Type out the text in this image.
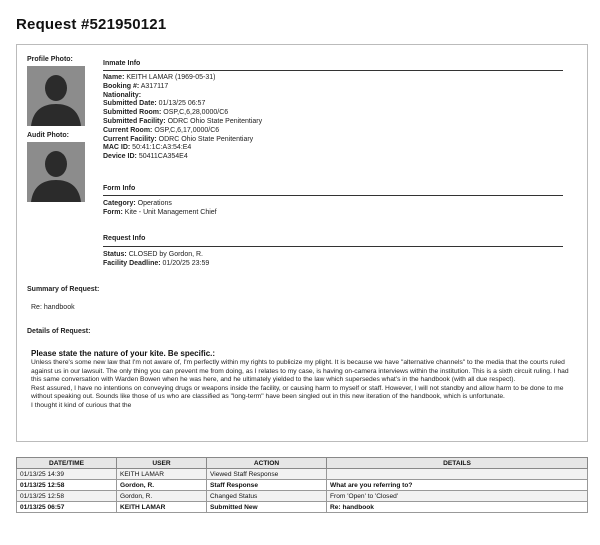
Request #521950121
Profile Photo:
Audit Photo:
Inmate Info
Name: KEITH LAMAR (1969-05-31)
Booking #: A317117
Nationality:
Submitted Date: 01/13/25 06:57
Submitted Room: OSP,C,6,28,0000/C6
Submitted Facility: ODRC Ohio State Penitentiary
Current Room: OSP,C,6,17,0000/C6
Current Facility: ODRC Ohio State Penitentiary
MAC ID: 50:41:1C:A3:54:E4
Device ID: 50411CA354E4
Form Info
Category: Operations
Form: Kite - Unit Management Chief
Request Info
Status: CLOSED by Gordon, R.
Facility Deadline: 01/20/25 23:59
Summary of Request:
Re: handbook
Details of Request:
Please state the nature of your kite. Be specific.:
Unless there's some new law that I'm not aware of, I'm perfectly within my rights to publicize my plight. It is because we have "alternative channels" to the media that the courts ruled against us in our lawsuit. The only thing you can prevent me from doing, as I relates to my case, is having on-camera interviews within the institution. This is a sixth circuit ruling. I had this same conversation with Warden Bowen when he was here, and he ultimately yielded to the law which supersedes what's in the handbook (with all due respect).
Rest assured, I have no intentions on conveying drugs or weapons inside the facility, or causing harm to myself or staff. However, I will not standby and allow harm to be done to me without speaking out. Sounds like those of us who are classified as "long-term" have been singled out in this new iteration of the handbook, which is unfortunate.
I thought it kind of curious that the
DATE/TIME	USER	ACTION	DETAILS
01/13/25 14:39	KEITH LAMAR	Viewed Staff Response	
01/13/25 12:58	Gordon, R.	Staff Response	What are you referring to?
01/13/25 12:58	Gordon, R.	Changed Status	From 'Open' to 'Closed'
01/13/25 06:57	KEITH LAMAR	Submitted New	Re: handbook
